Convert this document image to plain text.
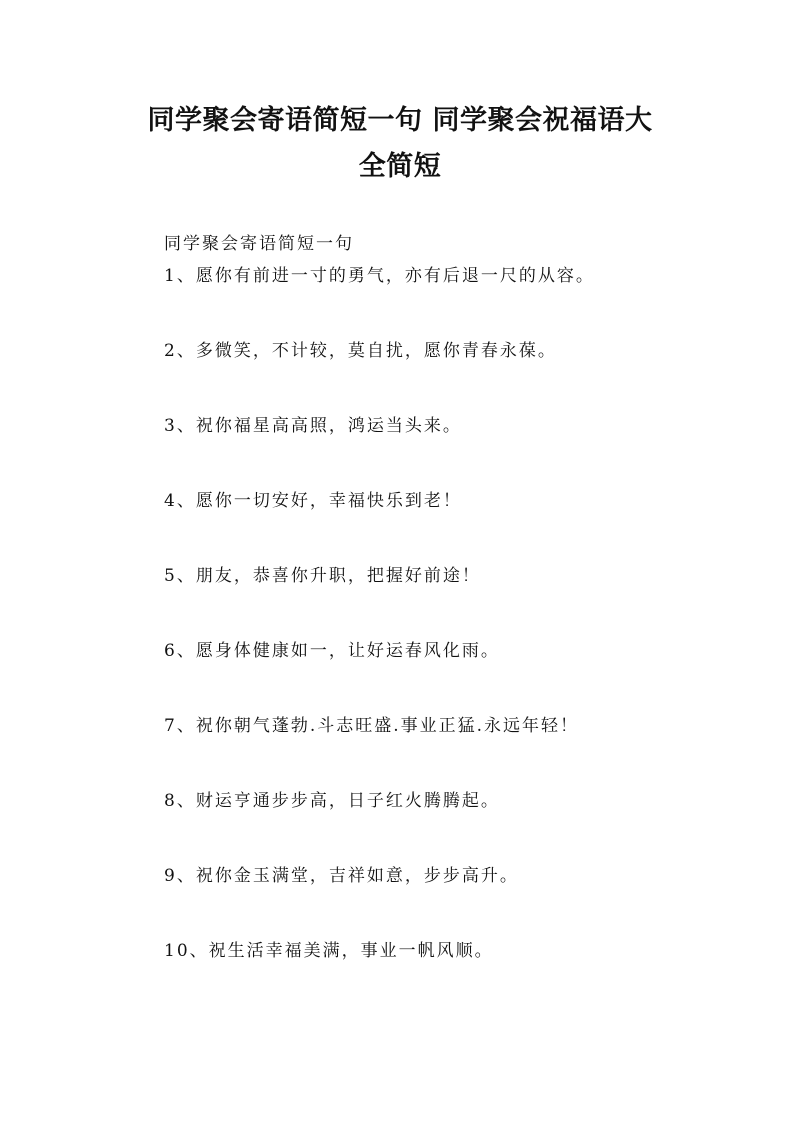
同学聚会寄语简短一句 同学聚会祝福语大
全简短
同学聚会寄语简短一句
1、愿你有前进一寸的勇气，亦有后退一尺的从容。
2、多微笑，不计较，莫自扰，愿你青春永葆。
3、祝你福星高高照，鸿运当头来。
4、愿你一切安好，幸福快乐到老！
5、朋友，恭喜你升职，把握好前途！
6、愿身体健康如一，让好运春风化雨。
7、祝你朝气蓬勃.斗志旺盛.事业正猛.永远年轻！
8、财运亨通步步高，日子红火腾腾起。
9、祝你金玉满堂，吉祥如意，步步高升。
10、祝生活幸福美满，事业一帆风顺。
